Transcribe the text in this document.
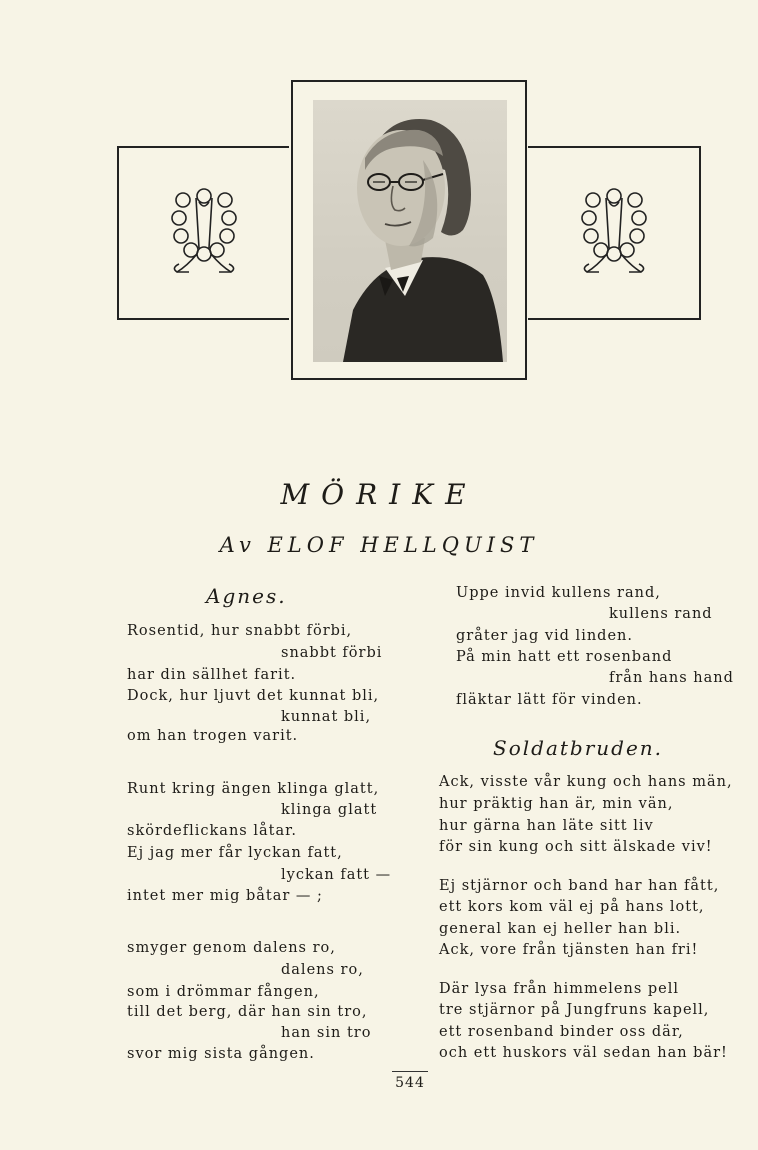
MÖRIKE
Av ELOF HELLQUIST
Agnes.
Rosentid, hur snabbt förbi,
snabbt förbi
har din sällhet farit.
Dock, hur ljuvt det kunnat bli,
kunnat bli,
om han trogen varit.
Runt kring ängen klinga glatt,
klinga glatt
skördeflickans låtar.
Ej jag mer får lyckan fatt,
lyckan fatt —
intet mer mig båtar — ;
smyger genom dalens ro,
dalens ro,
som i drömmar fången,
till det berg, där han sin tro,
han sin tro
svor mig sista gången.
Uppe invid kullens rand,
kullens rand
gråter jag vid linden.
På min hatt ett rosenband
från hans hand
fläktar lätt för vinden.
Soldatbruden.
Ack, visste vår kung och hans män,
hur präktig han är, min vän,
hur gärna han läte sitt liv
för sin kung och sitt älskade viv!
Ej stjärnor och band har han fått,
ett kors kom väl ej på hans lott,
general kan ej heller han bli.
Ack, vore från tjänsten han fri!
Där lysa från himmelens pell
tre stjärnor på Jungfruns kapell,
ett rosenband binder oss där,
och ett huskors väl sedan han bär!
544
